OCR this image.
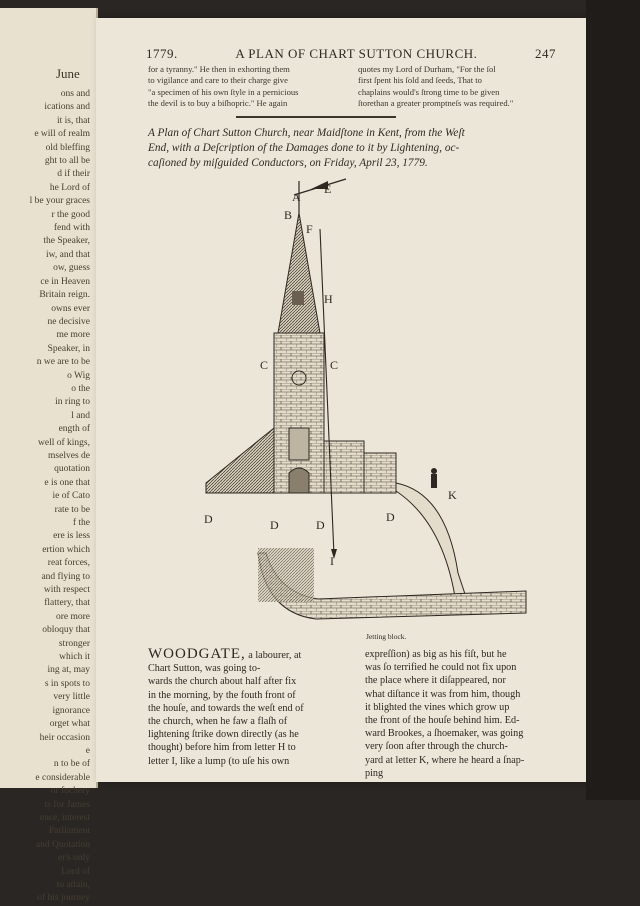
June
ons and
ications and
it is, that
e will of realm
old bleffing
ght to all be
d if their
he Lord of
l be your graces
r the good
fend with
the Speaker,
iw, and that
ow, guess
ce in Heaven
Britain reign.
owns ever
ne decisive
me more
Speaker, in
n we are to be
o Wig
o the
in ring to
l and
ength of
well of kings,
mselves de
quotation
e is one that
ie of Cato
rate to be
f the
ere is less
ertion which
reat forces,
and flying to
with respect
flattery, that
ore more
obloquy that
stronger
which it
ing at, may
s in spots to
very little
ignorance
orget what
heir occasion
e
n to be of
e considerable
or fochery
ts for James
ence, interest
Parliament
and Quotation
er's only
Lord of
to attain,
of his journey
1779.	A PLAN OF CHART SUTTON CHURCH.	247
for a tyranny." He then in exhorting them
to vigilance and care to their charge give
"a specimen of his own ſtyle in a pernicious
the devil is to buy a biſhopric." He again
quotes my Lord of Durham, "For the ſol
first ſpent his ſold and ſeeds, That to
chaplains would's ſtrong time to be given
ſtorethan a greater promptneſs was required."
A Plan of Chart Sutton Church, near Maidſtone in Kent, from the Weſt
End, with a Deſcription of the Damages done to it by Lightening, oc-
caſioned by miſguided Conductors, on Friday, April 23, 1779.
A
E
B
F
H
C	C
D	D	D
D
K
I
Jetting block.
WOODGATE, a labourer, at
Chart Sutton, was going to-
wards the church about half after fix
in the morning, by the fouth front of
the houſe, and towards the weſt end of
the church, when he faw a flaſh of
lightening ſtrike down directly (as he
thought) before him from letter H to
letter I, like a lump (to uſe his own
expreſſion) as big as his fiſt, but he
was ſo terrified he could not fix upon
the place where it diſappeared, nor
what diſtance it was from him, though
it blighted the vines which grow up
the front of the houſe behind him. Ed-
ward Brookes, a ſhoemaker, was going
very ſoon after through the church-
yard at letter K, where he heard a ſnap-
ping
